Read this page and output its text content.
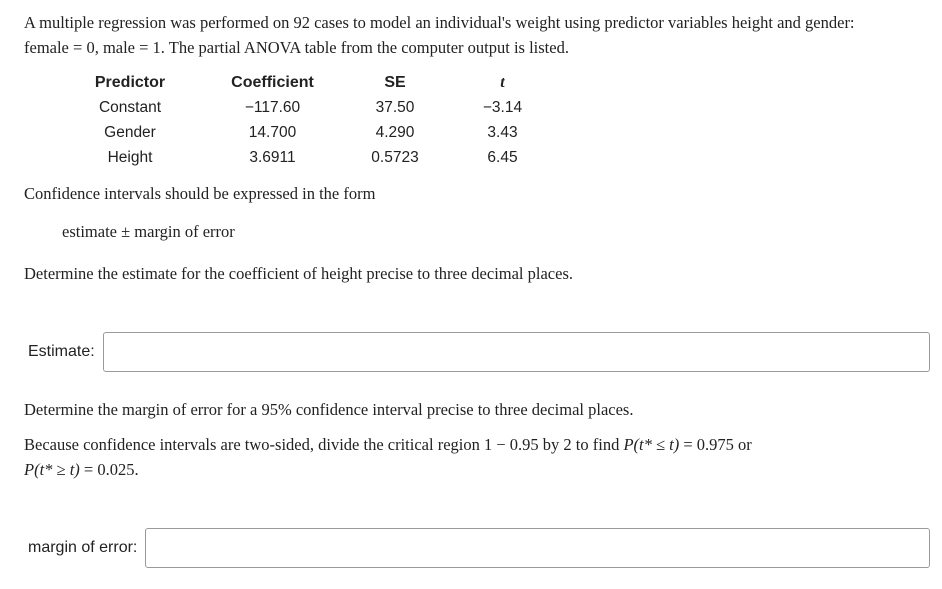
A multiple regression was performed on 92 cases to model an individual's weight using predictor variables height and gender:
female = 0, male = 1. The partial ANOVA table from the computer output is listed.

Predictor	Coefficient	SE	t
Constant	−117.60	37.50	−3.14
Gender	14.700	4.290	3.43
Height	3.6911	0.5723	6.45

Confidence intervals should be expressed in the form

estimate ± margin of error

Determine the estimate for the coefficient of height precise to three decimal places.

Estimate:

Determine the margin of error for a 95% confidence interval precise to three decimal places.

Because confidence intervals are two-sided, divide the critical region 1 − 0.95 by 2 to find P(t* ≤ t) = 0.975 or
P(t* ≥ t) = 0.025.

margin of error:
